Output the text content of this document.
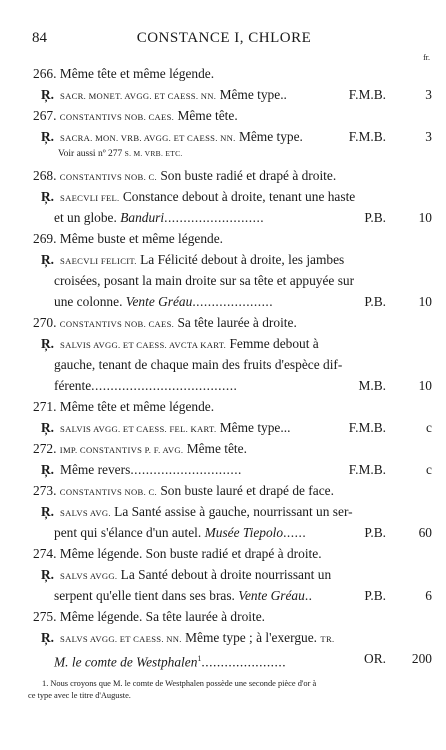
84	CONSTANCE I, CHLORE
fr.
266. Même tête et même légende.
Ŗ. SACR. MONET. AVGG. ET CAESS. NN. Même type..	F.M.B.	3
267. CONSTANTIVS NOB. CAES. Même tête.
Ŗ. SACRA. MON. VRB. AVGG. ET CAESS. NN. Même type.	F.M.B.	3
Voir aussi nº 277 S. M. VRB. ETC.
268. CONSTANTIVS NOB. C. Son buste radié et drapé à droite.
Ŗ. SAECVLI FEL. Constance debout à droite, tenant une haste
et un globe. Banduri..........................	P.B. 10
269. Même buste et même légende.
Ŗ. SAECVLI FELICIT. La Félicité debout à droite, les jambes
croisées, posant la main droite sur sa tête et appuyée sur
une colonne. Vente Gréau.....................	P.B. 10
270. CONSTANTIVS NOB. CAES. Sa tête laurée à droite.
Ŗ. SALVIS AVGG. ET CAESS. AVCTA KART. Femme debout à
gauche, tenant de chaque main des fruits d'espèce dif-
férente......................................	M.B. 10
271. Même tête et même légende.
Ŗ. SALVIS AVGG. ET CAESS. FEL. KART. Même type...	F.M.B.	c
272. IMP. CONSTANTIVS P. F. AVG. Même tête.
Ŗ. Même revers.............................	F.M.B.	c
273. CONSTANTIVS NOB. C. Son buste lauré et drapé de face.
Ŗ. SALVS AVG. La Santé assise à gauche, nourrissant un ser-
pent qui s'élance d'un autel. Musée Tiepolo......	P.B. 60
274. Même légende. Son buste radié et drapé à droite.
Ŗ. SALVS AVGG. La Santé debout à droite nourrissant un
serpent qu'elle tient dans ses bras. Vente Gréau..	P.B.	6
275. Même légende. Sa tête laurée à droite.
Ŗ. SALVS AVGG. ET CAESS. NN. Même type ; à l'exergue. TR.
M. le comte de Westphalen$^1$......................	OR. 200
1. Nous croyons que M. le comte de Westphalen possède une seconde pièce d'or à
ce type avec le titre d'Auguste.
